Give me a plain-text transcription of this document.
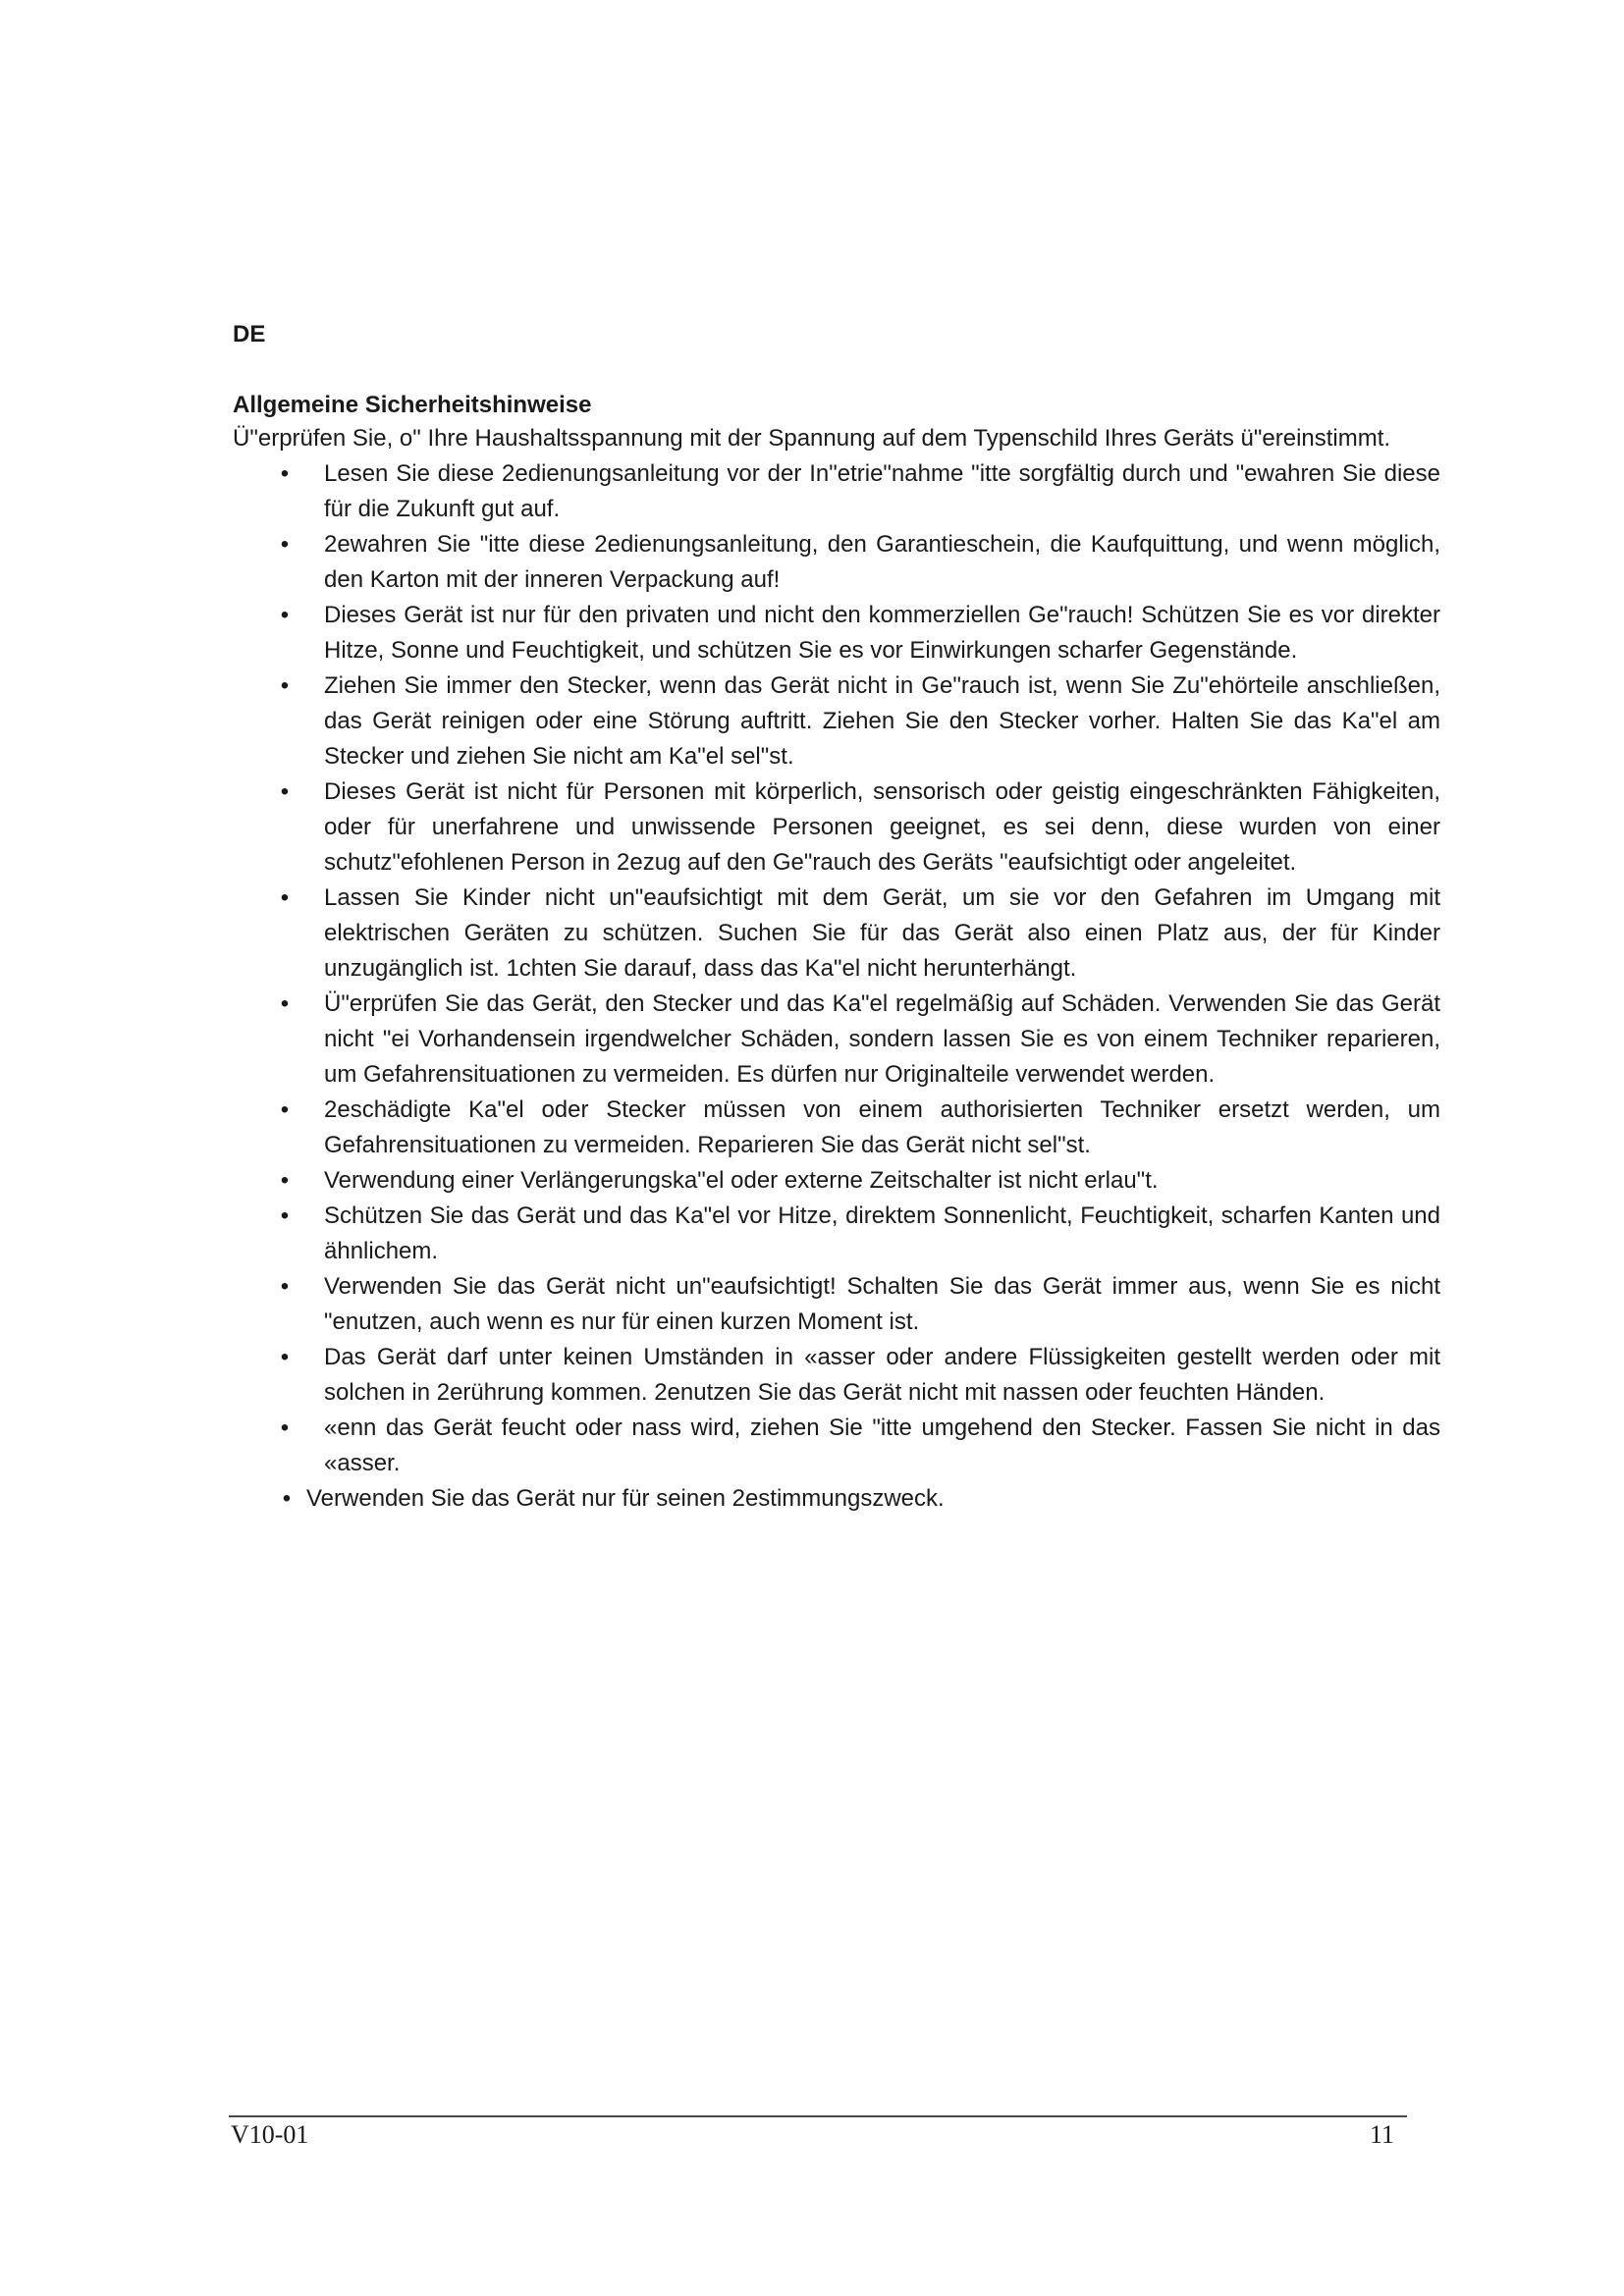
DE

Allgemeine Sicherheitshinweise

Ü"erprüfen Sie, o" Ihre Haushaltsspannung mit der Spannung auf dem Typenschild Ihres Geräts ü"ereinstimmt.

• Lesen Sie diese 2edienungsanleitung vor der In"etrie"nahme "itte sorgfältig durch und "ewahren Sie diese für die Zukunft gut auf.
• 2ewahren Sie "itte diese 2edienungsanleitung, den Garantieschein, die Kaufquittung, und wenn möglich, den Karton mit der inneren Verpackung auf!
• Dieses Gerät ist nur für den privaten und nicht den kommerziellen Ge"rauch! Schützen Sie es vor direkter Hitze, Sonne und Feuchtigkeit, und schützen Sie es vor Einwirkungen scharfer Gegenstände.
• Ziehen Sie immer den Stecker, wenn das Gerät nicht in Ge"rauch ist, wenn Sie Zu"ehörteile anschließen, das Gerät reinigen oder eine Störung auftritt. Ziehen Sie den Stecker vorher. Halten Sie das Ka"el am Stecker und ziehen Sie nicht am Ka"el sel"st.
• Dieses Gerät ist nicht für Personen mit körperlich, sensorisch oder geistig eingeschränkten Fähigkeiten, oder für unerfahrene und unwissende Personen geeignet, es sei denn, diese wurden von einer schutz"efohlenen Person in 2ezug auf den Ge"rauch des Geräts "eaufsichtigt oder angeleitet.
• Lassen Sie Kinder nicht un"eaufsichtigt mit dem Gerät, um sie vor den Gefahren im Umgang mit elektrischen Geräten zu schützen. Suchen Sie für das Gerät also einen Platz aus, der für Kinder unzugänglich ist. 1chten Sie darauf, dass das Ka"el nicht herunterhängt.
• Ü"erprüfen Sie das Gerät, den Stecker und das Ka"el regelmäßig auf Schäden. Verwenden Sie das Gerät nicht "ei Vorhandensein irgendwelcher Schäden, sondern lassen Sie es von einem Techniker reparieren, um Gefahrensituationen zu vermeiden. Es dürfen nur Originalteile verwendet werden.
• 2eschädigte Ka"el oder Stecker müssen von einem authorisierten Techniker ersetzt werden, um Gefahrensituationen zu vermeiden. Reparieren Sie das Gerät nicht sel"st.
• Verwendung einer Verlängerungska"el oder externe Zeitschalter ist nicht erlau"t.
• Schützen Sie das Gerät und das Ka"el vor Hitze, direktem Sonnenlicht, Feuchtigkeit, scharfen Kanten und ähnlichem.
• Verwenden Sie das Gerät nicht un"eaufsichtigt! Schalten Sie das Gerät immer aus, wenn Sie es nicht "enutzen, auch wenn es nur für einen kurzen Moment ist.
• Das Gerät darf unter keinen Umständen in «asser oder andere Flüssigkeiten gestellt werden oder mit solchen in 2erührung kommen. 2enutzen Sie das Gerät nicht mit nassen oder feuchten Händen.
• «enn das Gerät feucht oder nass wird, ziehen Sie "itte umgehend den Stecker. Fassen Sie nicht in das «asser.
• Verwenden Sie das Gerät nur für seinen 2estimmungszweck.
V10-01	11
